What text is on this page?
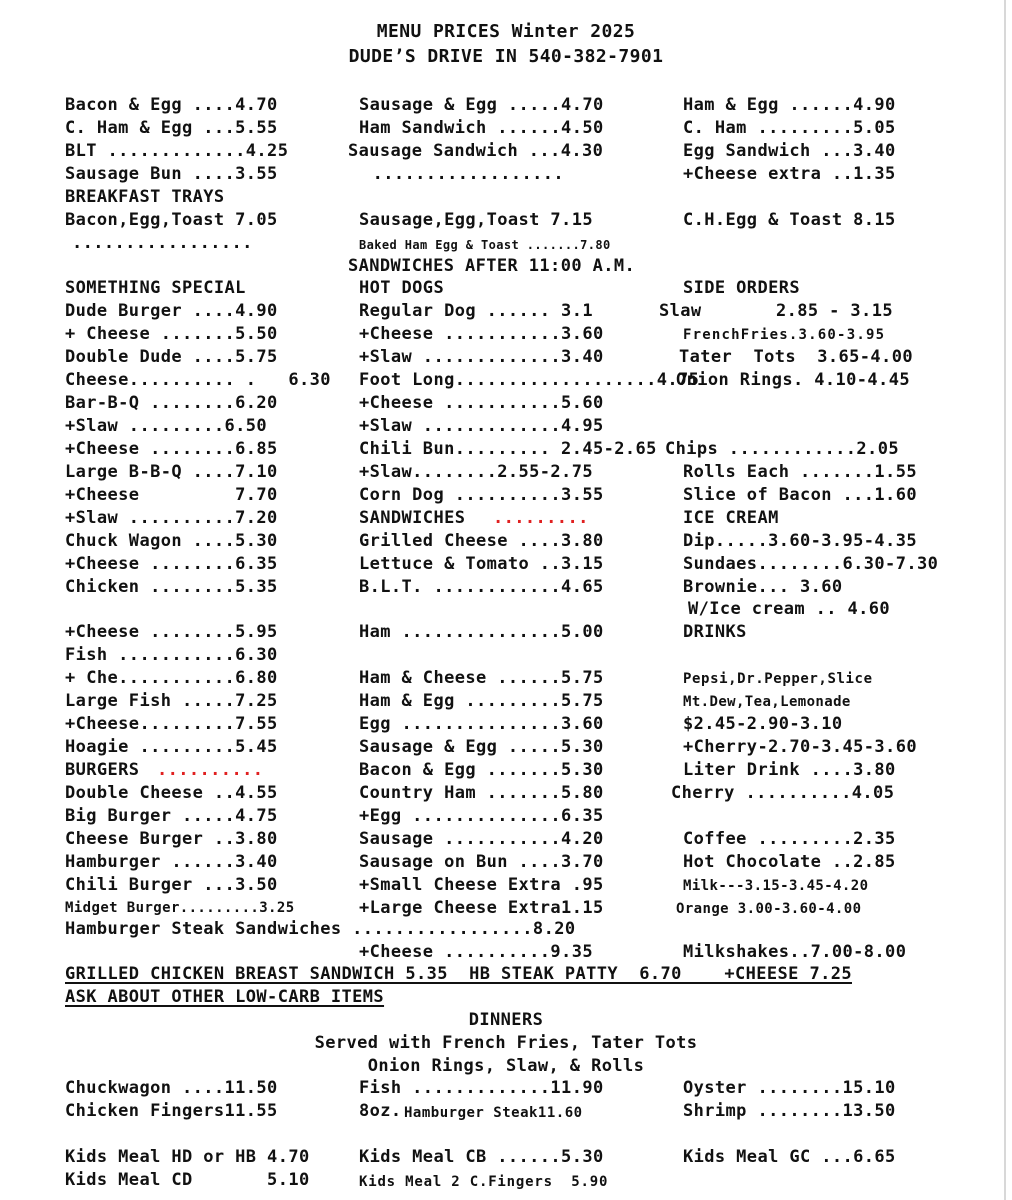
MENU PRICES Winter 2025
DUDE’S DRIVE IN 540-382-7901
Bacon & Egg ....4.70
C. Ham & Egg ...5.55
BLT .............4.25
Sausage Bun ....3.55
Sausage & Egg .....4.70
Ham Sandwich ......4.50
Sausage Sandwich ...4.30
..................
Ham & Egg ......4.90
C. Ham .........5.05
Egg Sandwich ...3.40
+Cheese extra ..1.35
BREAKFAST TRAYS
Bacon,Egg,Toast 7.05	Sausage,Egg,Toast 7.15	C.H.Egg & Toast 8.15
.................	Baked Ham Egg & Toast .......7.80
SANDWICHES AFTER 11:00 A.M.
SOMETHING SPECIAL
Dude Burger ....4.90
+ Cheese .......5.50
Double Dude ....5.75
Cheese.......... .   6.30
Bar-B-Q ........6.20
+Slaw .........6.50
+Cheese ........6.85
Large B-B-Q ....7.10
+Cheese         7.70
+Slaw ..........7.20
Chuck Wagon ....5.30
+Cheese ........6.35
Chicken ........5.35
+Cheese ........5.95
Fish ...........6.30
+ Che...........6.80
Large Fish .....7.25
+Cheese.........7.55
Hoagie .........5.45
BURGERS ..........
Double Cheese ..4.55
Big Burger .....4.75
Cheese Burger ..3.80
Hamburger ......3.40
Chili Burger ...3.50
Midget Burger.........3.25
Hamburger Steak Sandwiches .................8.20
HOT DOGS
Regular Dog ...... 3.1
+Cheese ...........3.60
+Slaw .............3.40
Foot Long...................4.75
+Cheese ...........5.60
+Slaw .............4.95
Chili Bun......... 2.45-2.65
+Slaw........2.55-2.75
Corn Dog ..........3.55
SANDWICHES .........
Grilled Cheese ....3.80
Lettuce & Tomato ..3.15
B.L.T. ............4.65
Ham ...............5.00
Ham & Cheese ......5.75
Ham & Egg .........5.75
Egg ...............3.60
Sausage & Egg .....5.30
Bacon & Egg .......5.30
Country Ham .......5.80
+Egg ..............6.35
Sausage ...........4.20
Sausage on Bun ....3.70
+Small Cheese Extra .95
+Large Cheese Extra1.15
+Cheese ..........9.35
SIDE ORDERS
Slaw       2.85 - 3.15
FrenchFries.3.60-3.95
Tater  Tots  3.65-4.00
Onion Rings. 4.10-4.45
Chips ............2.05
Rolls Each .......1.55
Slice of Bacon ...1.60
ICE CREAM
Dip.....3.60-3.95-4.35
Sundaes........6.30-7.30
Brownie... 3.60
W/Ice cream .. 4.60
DRINKS
Pepsi,Dr.Pepper,Slice
Mt.Dew,Tea,Lemonade
$2.45-2.90-3.10
+Cherry-2.70-3.45-3.60
Liter Drink ....3.80
Cherry ..........4.05
Coffee .........2.35
Hot Chocolate ..2.85
Milk---3.15-3.45-4.20
Orange 3.00-3.60-4.00
Milkshakes..7.00-8.00
GRILLED CHICKEN BREAST SANDWICH 5.35  HB STEAK PATTY  6.70    +CHEESE 7.25
ASK ABOUT OTHER LOW-CARB ITEMS
DINNERS
Served with French Fries, Tater Tots
Onion Rings, Slaw, & Rolls
Chuckwagon ....11.50	Fish .............11.90	Oyster ........15.10
Chicken Fingers11.55	8oz. Hamburger Steak11.60	Shrimp ........13.50
Kids Meal HD or HB 4.70	Kids Meal CB ......5.30	Kids Meal GC ...6.65
Kids Meal CD       5.10	Kids Meal 2 C.Fingers  5.90
